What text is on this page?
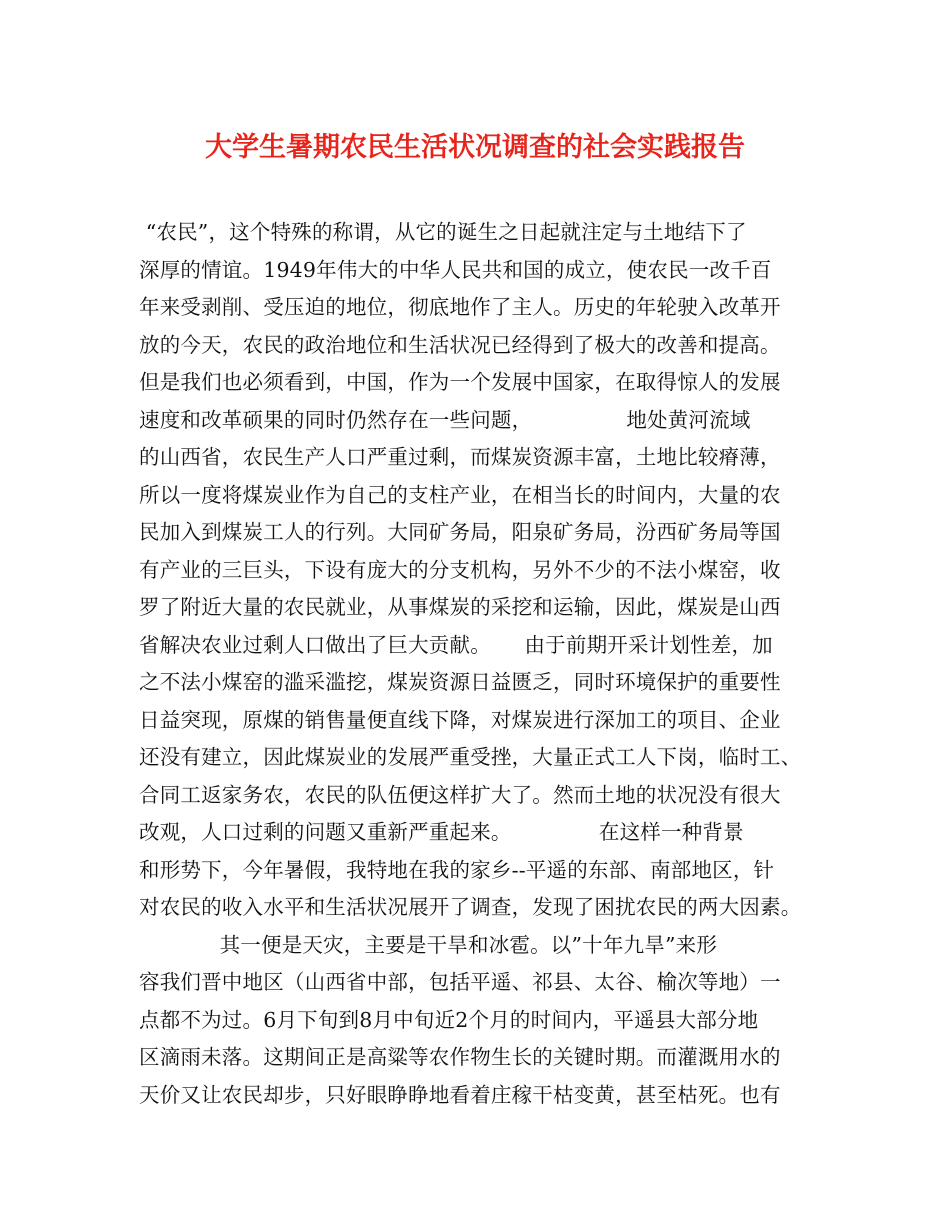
大学生暑期农民生活状况调查的社会实践报告
“农民”，这个特殊的称谓，从它的诞生之日起就注定与土地结下了
深厚的情谊。1949年伟大的中华人民共和国的成立，使农民一改千百
年来受剥削、受压迫的地位，彻底地作了主人。历史的年轮驶入改革开
放的今天，农民的政治地位和生活状况已经得到了极大的改善和提高。
但是我们也必须看到，中国，作为一个发展中国家，在取得惊人的发展
速度和改革硕果的同时仍然存在一些问题，              地处黄河流域
的山西省，农民生产人口严重过剩，而煤炭资源丰富，土地比较瘠薄，
所以一度将煤炭业作为自己的支柱产业，在相当长的时间内，大量的农
民加入到煤炭工人的行列。大同矿务局，阳泉矿务局，汾西矿务局等国
有产业的三巨头，下设有庞大的分支机构，另外不少的不法小煤窑，收
罗了附近大量的农民就业，从事煤炭的采挖和运输，因此，煤炭是山西
省解决农业过剩人口做出了巨大贡献。     由于前期开采计划性差，加
之不法小煤窑的滥采滥挖，煤炭资源日益匮乏，同时环境保护的重要性
日益突现，原煤的销售量便直线下降，对煤炭进行深加工的项目、企业
还没有建立，因此煤炭业的发展严重受挫，大量正式工人下岗，临时工、
合同工返家务农，农民的队伍便这样扩大了。然而土地的状况没有很大
改观，人口过剩的问题又重新严重起来。             在这样一种背景
和形势下，今年暑假，我特地在我的家乡--平遥的东部、南部地区，针
对农民的收入水平和生活状况展开了调查，发现了困扰农民的两大因素。
其一便是天灾，主要是干旱和冰雹。以”十年九旱”来形
容我们晋中地区（山西省中部，包括平遥、祁县、太谷、榆次等地）一
点都不为过。6月下旬到8月中旬近2个月的时间内，平遥县大部分地
区滴雨未落。这期间正是高粱等农作物生长的关键时期。而灌溉用水的
天价又让农民却步，只好眼睁睁地看着庄稼干枯变黄，甚至枯死。也有
